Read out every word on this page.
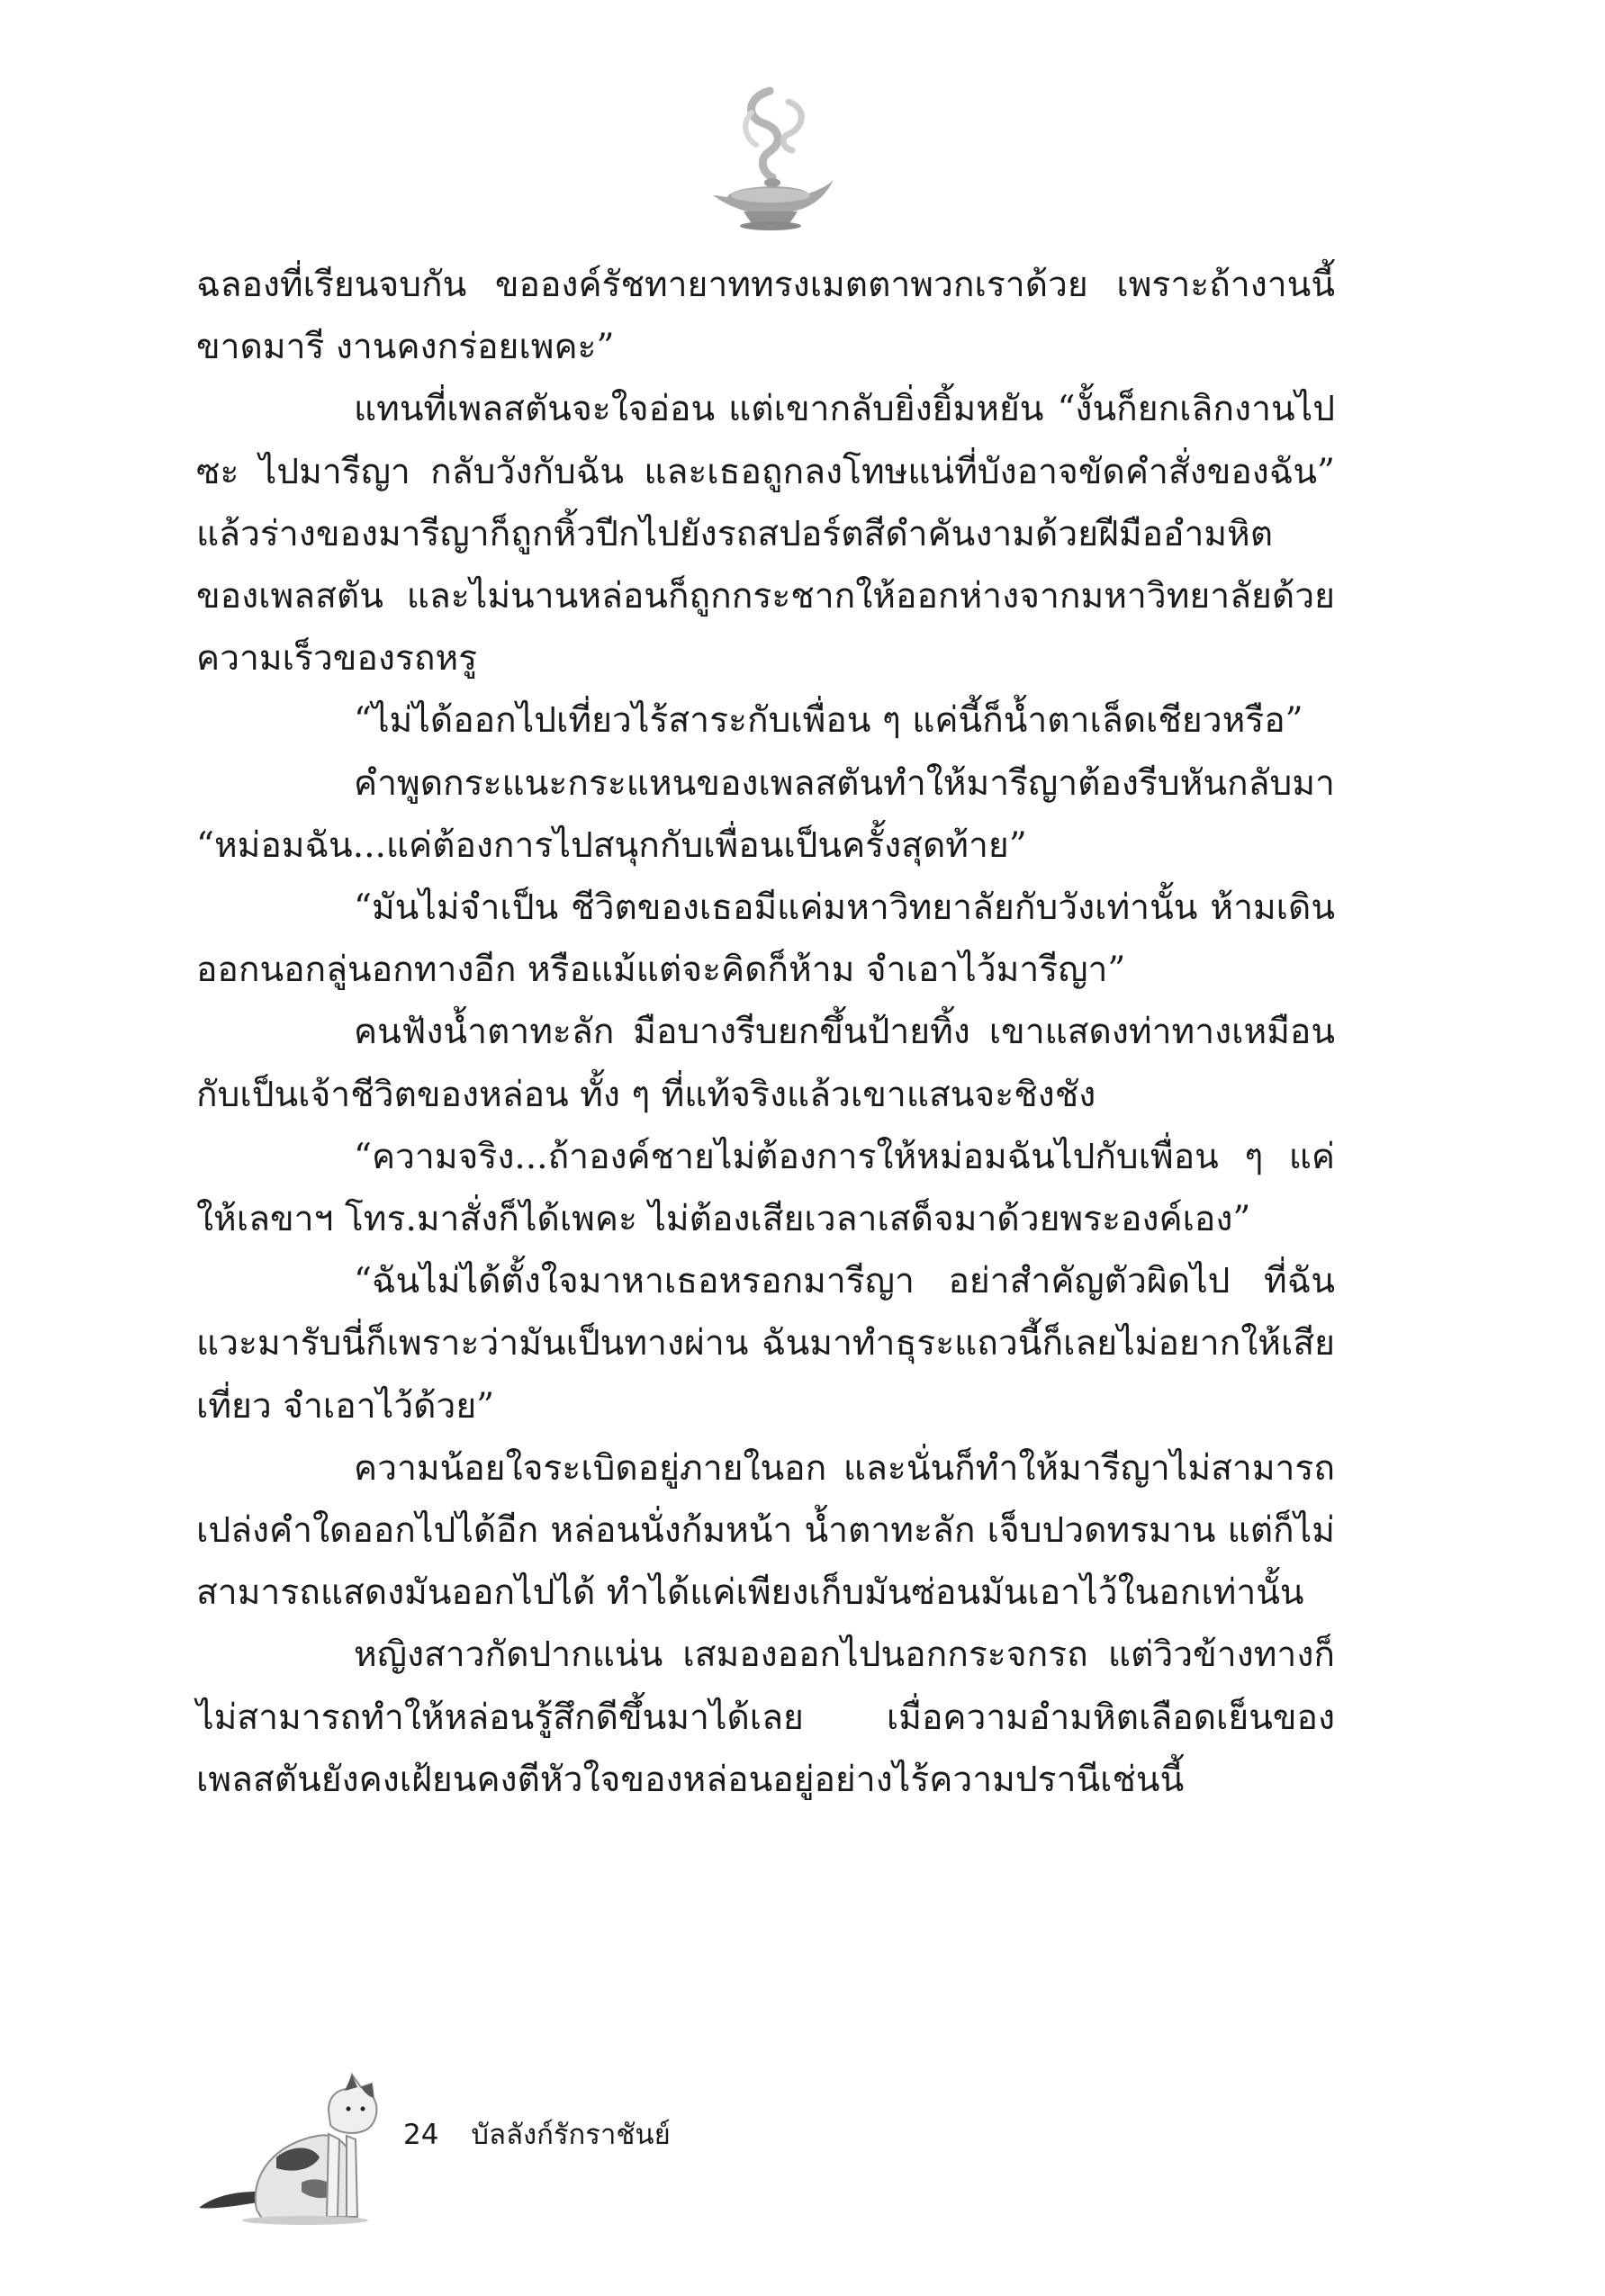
ฉลองที่เรียนจบกัน ขอองค์รัชทายาททรงเมตตาพวกเราด้วย เพราะถ้างานนี้ขาดมารี งานคงกร่อยเพคะ”

แทนที่เพลสตันจะใจอ่อน แต่เขากลับยิ่งยิ้มหยัน “งั้นก็ยกเลิกงานไปซะ ไปมารีญา กลับวังกับฉัน และเธอถูกลงโทษแน่ที่บังอาจขัดคำสั่งของฉัน” แล้วร่างของมารีญาก็ถูกหิ้วปีกไปยังรถสปอร์ตสีดำคันงามด้วยฝีมืออำมหิตของเพลสตัน และไม่นานหล่อนก็ถูกกระชากให้ออกห่างจากมหาวิทยาลัยด้วยความเร็วของรถหรู

“ไม่ได้ออกไปเที่ยวไร้สาระกับเพื่อน ๆ แค่นี้ก็น้ำตาเล็ดเชียวหรือ”

คำพูดกระแนะกระแหนของเพลสตันทำให้มารีญาต้องรีบหันกลับมา “หม่อมฉัน...แค่ต้องการไปสนุกกับเพื่อนเป็นครั้งสุดท้าย”

“มันไม่จำเป็น ชีวิตของเธอมีแค่มหาวิทยาลัยกับวังเท่านั้น ห้ามเดินออกนอกลู่นอกทางอีก หรือแม้แต่จะคิดก็ห้าม จำเอาไว้มารีญา”

คนฟังน้ำตาทะลัก มือบางรีบยกขึ้นป้ายทิ้ง เขาแสดงท่าทางเหมือนกับเป็นเจ้าชีวิตของหล่อน ทั้ง ๆ ที่แท้จริงแล้วเขาแสนจะชิงชัง

“ความจริง...ถ้าองค์ชายไม่ต้องการให้หม่อมฉันไปกับเพื่อน ๆ แค่ให้เลขาฯ โทร.มาสั่งก็ได้เพคะ ไม่ต้องเสียเวลาเสด็จมาด้วยพระองค์เอง”

“ฉันไม่ได้ตั้งใจมาหาเธอหรอกมารีญา อย่าสำคัญตัวผิดไป ที่ฉันแวะมารับนี่ก็เพราะว่ามันเป็นทางผ่าน ฉันมาทำธุระแถวนี้ก็เลยไม่อยากให้เสียเที่ยว จำเอาไว้ด้วย”

ความน้อยใจระเบิดอยู่ภายในอก และนั่นก็ทำให้มารีญาไม่สามารถเปล่งคำใดออกไปได้อีก หล่อนนั่งก้มหน้า น้ำตาทะลัก เจ็บปวดทรมาน แต่ก็ไม่สามารถแสดงมันออกไปได้ ทำได้แค่เพียงเก็บมันซ่อนมันเอาไว้ในอกเท่านั้น

หญิงสาวกัดปากแน่น เสมองออกไปนอกกระจกรถ แต่วิวข้างทางก็ไม่สามารถทำให้หล่อนรู้สึกดีขึ้นมาได้เลย เมื่อความอำมหิตเลือดเย็นของเพลสตันยังคงเฝ้ยนคงตีหัวใจของหล่อนอยู่อย่างไร้ความปรานีเช่นนี้

24 บัลลังก์รักราชันย์
